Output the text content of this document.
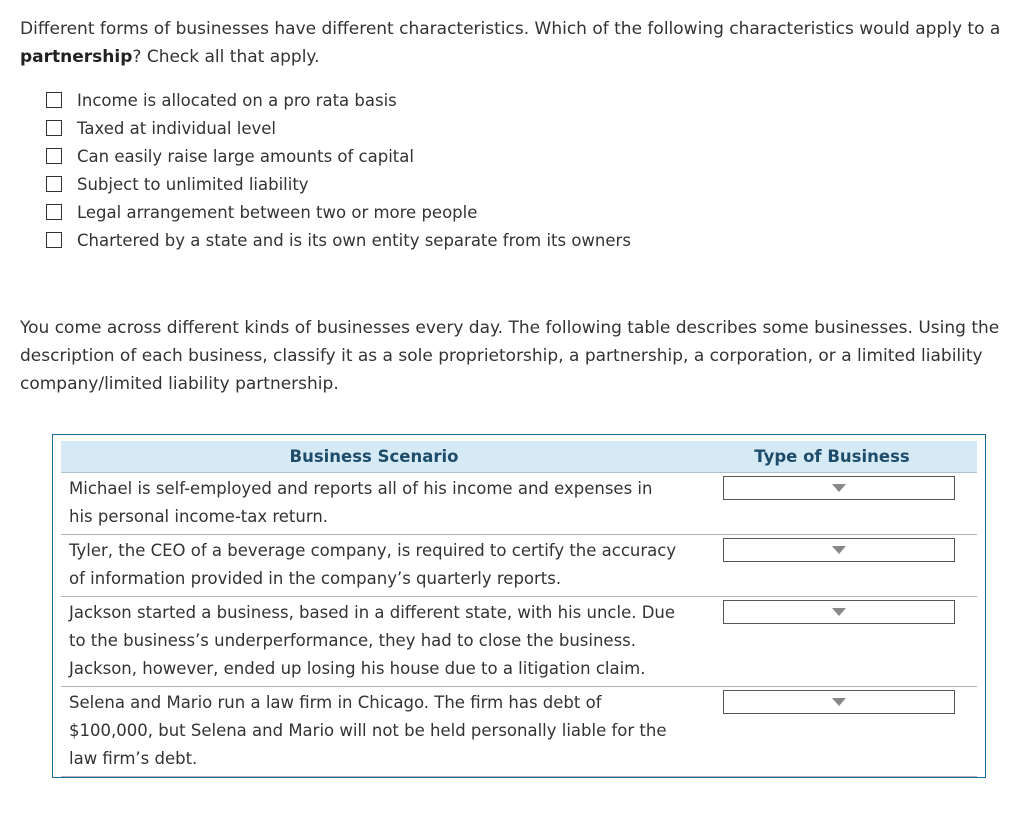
Different forms of businesses have different characteristics. Which of the following characteristics would apply to a partnership? Check all that apply.
Income is allocated on a pro rata basis
Taxed at individual level
Can easily raise large amounts of capital
Subject to unlimited liability
Legal arrangement between two or more people
Chartered by a state and is its own entity separate from its owners
You come across different kinds of businesses every day. The following table describes some businesses. Using the description of each business, classify it as a sole proprietorship, a partnership, a corporation, or a limited liability company/limited liability partnership.
Business Scenario	Type of Business
Michael is self-employed and reports all of his income and expenses in his personal income-tax return.	

Tyler, the CEO of a beverage company, is required to certify the accuracy of information provided in the company’s quarterly reports.	

Jackson started a business, based in a different state, with his uncle. Due to the business’s underperformance, they had to close the business. Jackson, however, ended up losing his house due to a litigation claim.	

Selena and Mario run a law firm in Chicago. The firm has debt of $100,000, but Selena and Mario will not be held personally liable for the law firm’s debt.	
